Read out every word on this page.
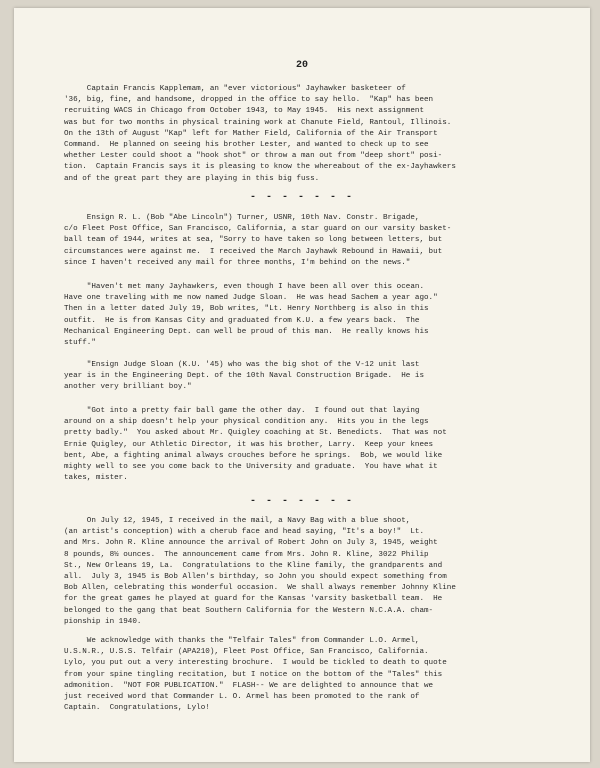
20
Captain Francis Kapplemam, an "ever victorious" Jayhawker basketeer of
'36, big, fine, and handsome, dropped in the office to say hello.  "Kap" has been
recruiting WACS in Chicago from October 1943, to May 1945.  His next assignment
was but for two months in physical training work at Chanute Field, Rantoul, Illinois.
On the 13th of August "Kap" left for Mather Field, California of the Air Transport
Command.  He planned on seeing his brother Lester, and wanted to check up to see
whether Lester could shoot a "hook shot" or throw a man out from "deep short" posi-
tion.  Captain Francis says it is pleasing to know the whereabout of the ex-Jayhawkers
and of the great part they are playing in this big fuss.
- - - - - - -
Ensign R. L. (Bob "Abe Lincoln") Turner, USNR, 10th Nav. Constr. Brigade,
c/o Fleet Post Office, San Francisco, California, a star guard on our varsity basket-
ball team of 1944, writes at sea, "Sorry to have taken so long between letters, but
circumstances were against me.  I received the March Jayhawk Rebound in Hawaii, but
since I haven't received any mail for three months, I'm behind on the news."
"Haven't met many Jayhawkers, even though I have been all over this ocean.
Have one traveling with me now named Judge Sloan.  He was head Sachem a year ago."
Then in a letter dated July 19, Bob writes, "Lt. Henry Northberg is also in this
outfit.  He is from Kansas City and graduated from K.U. a few years back.  The
Mechanical Engineering Dept. can well be proud of this man.  He really knows his
stuff."
"Ensign Judge Sloan (K.U. '45) who was the big shot of the V-12 unit last
year is in the Engineering Dept. of the 10th Naval Construction Brigade.  He is
another very brilliant boy."
"Got into a pretty fair ball game the other day.  I found out that laying
around on a ship doesn't help your physical condition any.  Hits you in the legs
pretty badly."  You asked about Mr. Quigley coaching at St. Benedicts.  That was not
Ernie Quigley, our Athletic Director, it was his brother, Larry.  Keep your knees
bent, Abe, a fighting animal always crouches before he springs.  Bob, we would like
mighty well to see you come back to the University and graduate.  You have what it
takes, mister.
- - - - - - -
On July 12, 1945, I received in the mail, a Navy Bag with a blue shoot,
(an artist's conception) with a cherub face and head saying, "It's a boy!"  Lt.
and Mrs. John R. Kline announce the arrival of Robert John on July 3, 1945, weight
8 pounds, 8½ ounces.  The announcement came from Mrs. John R. Kline, 3022 Philip
St., New Orleans 19, La.  Congratulations to the Kline family, the grandparents and
all.  July 3, 1945 is Bob Allen's birthday, so John you should expect something from
Bob Allen, celebrating this wonderful occasion.  We shall always remember Johnny Kline
for the great games he played at guard for the Kansas 'varsity basketball team.  He
belonged to the gang that beat Southern California for the Western N.C.A.A. cham-
pionship in 1940.
We acknowledge with thanks the "Telfair Tales" from Commander L.O. Armel,
U.S.N.R., U.S.S. Telfair (APA210), Fleet Post Office, San Francisco, California.
Lylo, you put out a very interesting brochure.  I would be tickled to death to quote
from your spine tingling recitation, but I notice on the bottom of the "Tales" this
admonition.  "NOT FOR PUBLICATION."  FLASH-- We are delighted to announce that we
just received word that Commander L. O. Armel has been promoted to the rank of
Captain.  Congratulations, Lylo!
